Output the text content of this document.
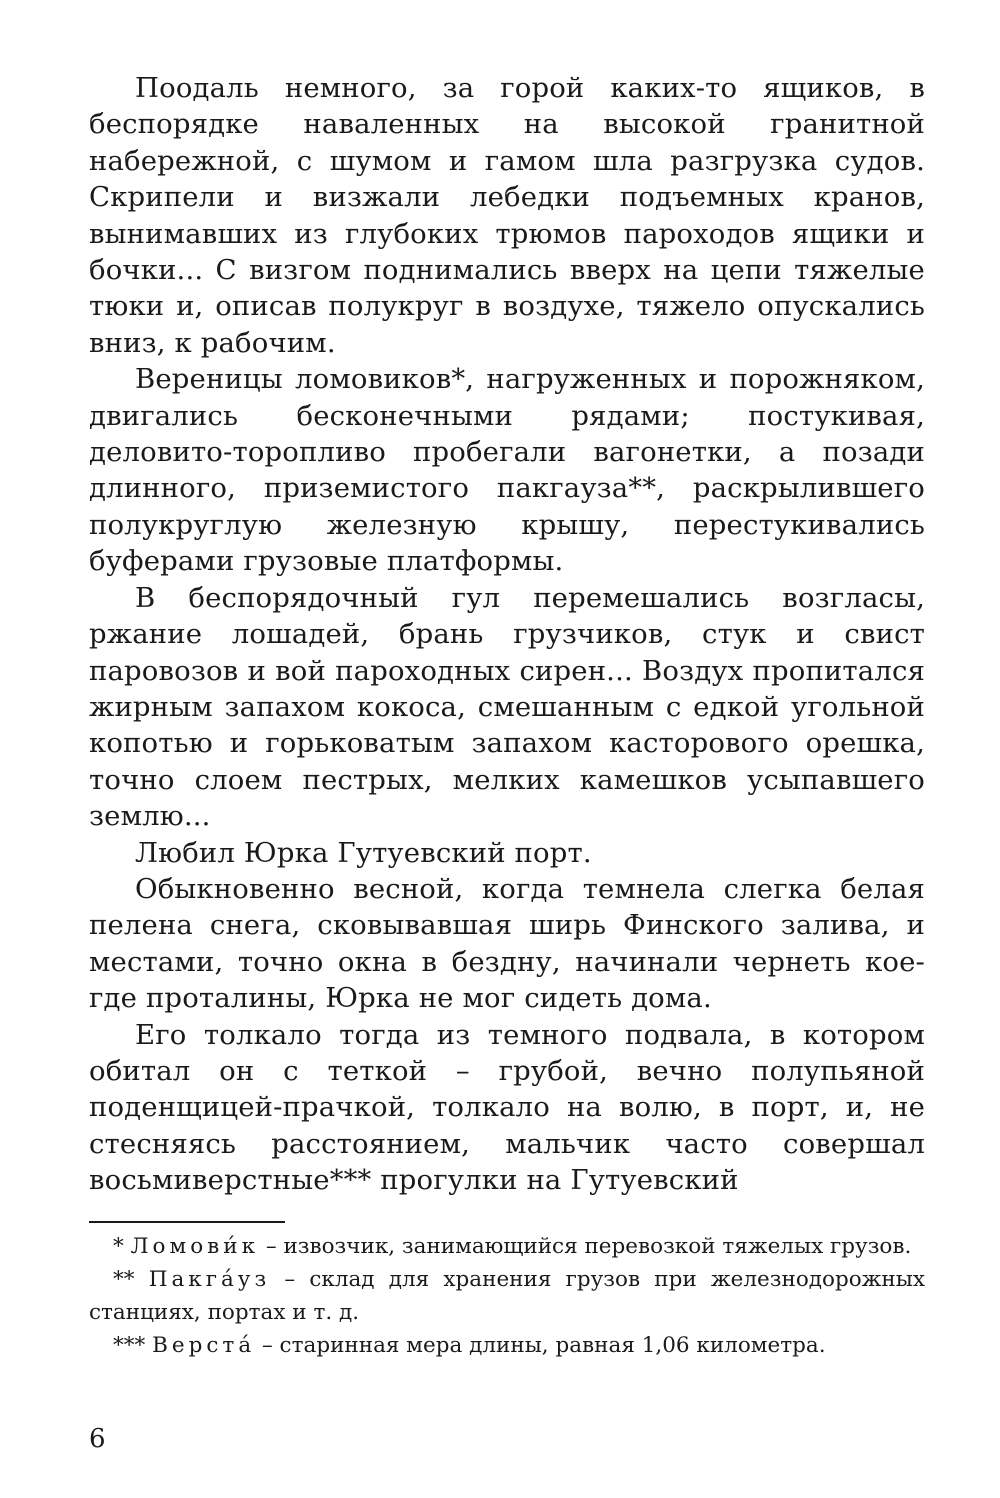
Поодаль немного, за горой каких-то ящиков, в беспорядке наваленных на высокой гранитной набережной, с шумом и гамом шла разгрузка судов. Скрипели и визжали лебедки подъемных кранов, вынимавших из глубоких трюмов пароходов ящики и бочки... С визгом поднимались вверх на цепи тяжелые тюки и, описав полукруг в воздухе, тяжело опускались вниз, к рабочим.

Вереницы ломовиков*, нагруженных и порожняком, двигались бесконечными рядами; постукивая, деловито-торопливо пробегали вагонетки, а позади длинного, приземистого пакгауза**, раскрылившего полукруглую железную крышу, перестукивались буферами грузовые платформы.

В беспорядочный гул перемешались возгласы, ржание лошадей, брань грузчиков, стук и свист паровозов и вой пароходных сирен... Воздух пропитался жирным запахом кокоса, смешанным с едкой угольной копотью и горьковатым запахом касторового орешка, точно слоем пестрых, мелких камешков усыпавшего землю...

Любил Юрка Гутуевский порт.

Обыкновенно весной, когда темнела слегка белая пелена снега, сковывавшая ширь Финского залива, и местами, точно окна в бездну, начинали чернеть кое-где проталины, Юрка не мог сидеть дома.

Его толкало тогда из темного подвала, в котором обитал он с теткой – грубой, вечно полупьяной поденщицей-прачкой, толкало на волю, в порт, и, не стесняясь расстоянием, мальчик часто совершал восьмиверстные*** прогулки на Гутуевский

* Ломови́к – извозчик, занимающийся перевозкой тяжелых грузов.

** Пакга́уз – склад для хранения грузов при железнодорожных станциях, портах и т. д.

*** Верста́ – старинная мера длины, равная 1,06 километра.

6
